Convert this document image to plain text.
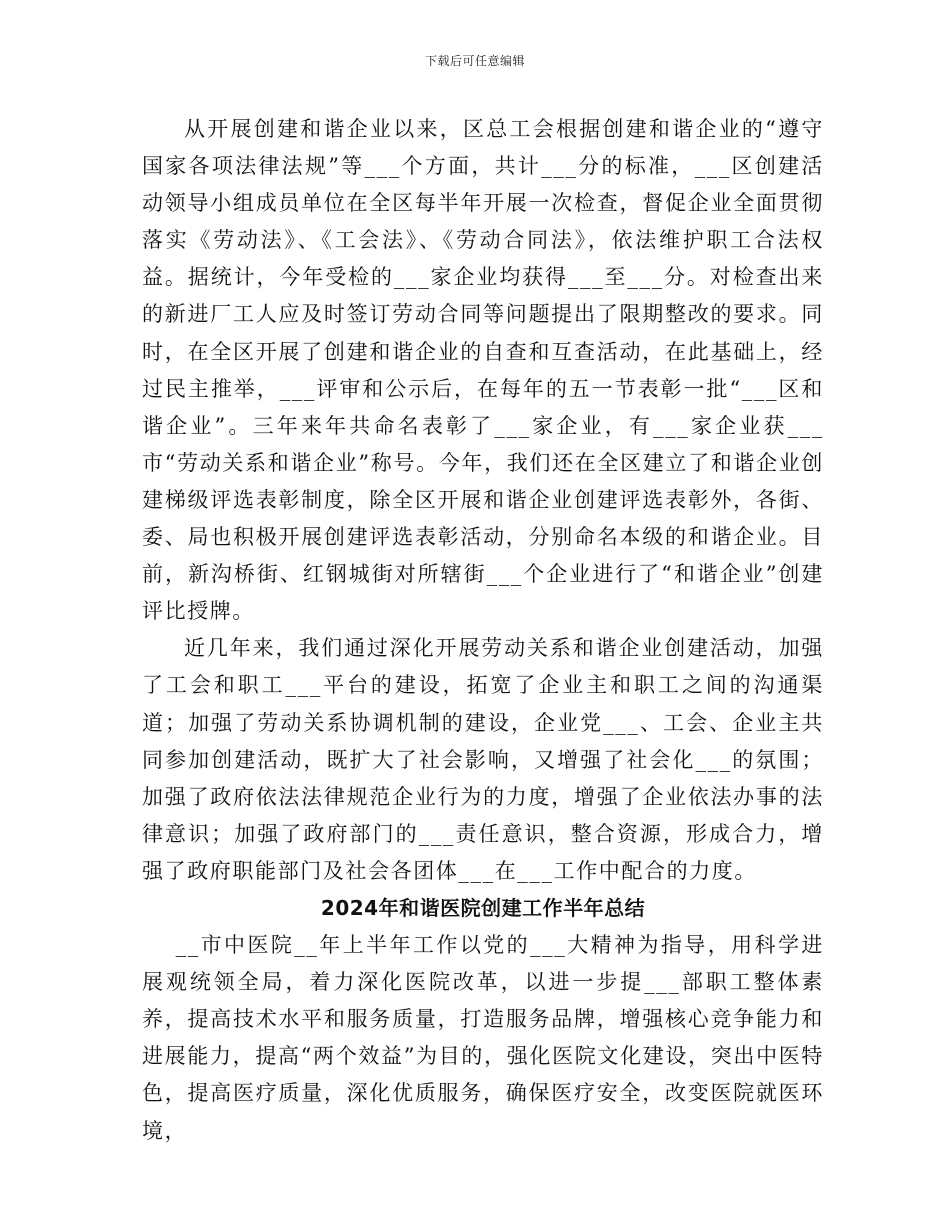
下载后可任意编辑

从开展创建和谐企业以来，区总工会根据创建和谐企业的“遵守国家各项法律法规”等___个方面，共计___分的标准，___区创建活动领导小组成员单位在全区每半年开展一次检查，督促企业全面贯彻落实《劳动法》、《工会法》、《劳动合同法》，依法维护职工合法权益。据统计，今年受检的___家企业均获得___至___分。对检查出来的新进厂工人应及时签订劳动合同等问题提出了限期整改的要求。同时，在全区开展了创建和谐企业的自查和互查活动，在此基础上，经过民主推举，___评审和公示后，在每年的五一节表彰一批“___区和谐企业”。三年来年共命名表彰了___家企业，有___家企业获___市“劳动关系和谐企业”称号。今年，我们还在全区建立了和谐企业创建梯级评选表彰制度，除全区开展和谐企业创建评选表彰外，各街、委、局也积极开展创建评选表彰活动，分别命名本级的和谐企业。目前，新沟桥街、红钢城街对所辖街___个企业进行了“和谐企业”创建评比授牌。

近几年来，我们通过深化开展劳动关系和谐企业创建活动，加强了工会和职工___平台的建设，拓宽了企业主和职工之间的沟通渠道；加强了劳动关系协调机制的建设，企业党___、工会、企业主共同参加创建活动，既扩大了社会影响，又增强了社会化___的氛围；加强了政府依法法律规范企业行为的力度，增强了企业依法办事的法律意识；加强了政府部门的___责任意识，整合资源，形成合力，增强了政府职能部门及社会各团体___在___工作中配合的力度。

2024年和谐医院创建工作半年总结

__市中医院__年上半年工作以党的___大精神为指导，用科学进展观统领全局，着力深化医院改革，以进一步提___部职工整体素养，提高技术水平和服务质量，打造服务品牌，增强核心竞争能力和进展能力，提高“两个效益”为目的，强化医院文化建设，突出中医特色，提高医疗质量，深化优质服务，确保医疗安全，改变医院就医环境，
